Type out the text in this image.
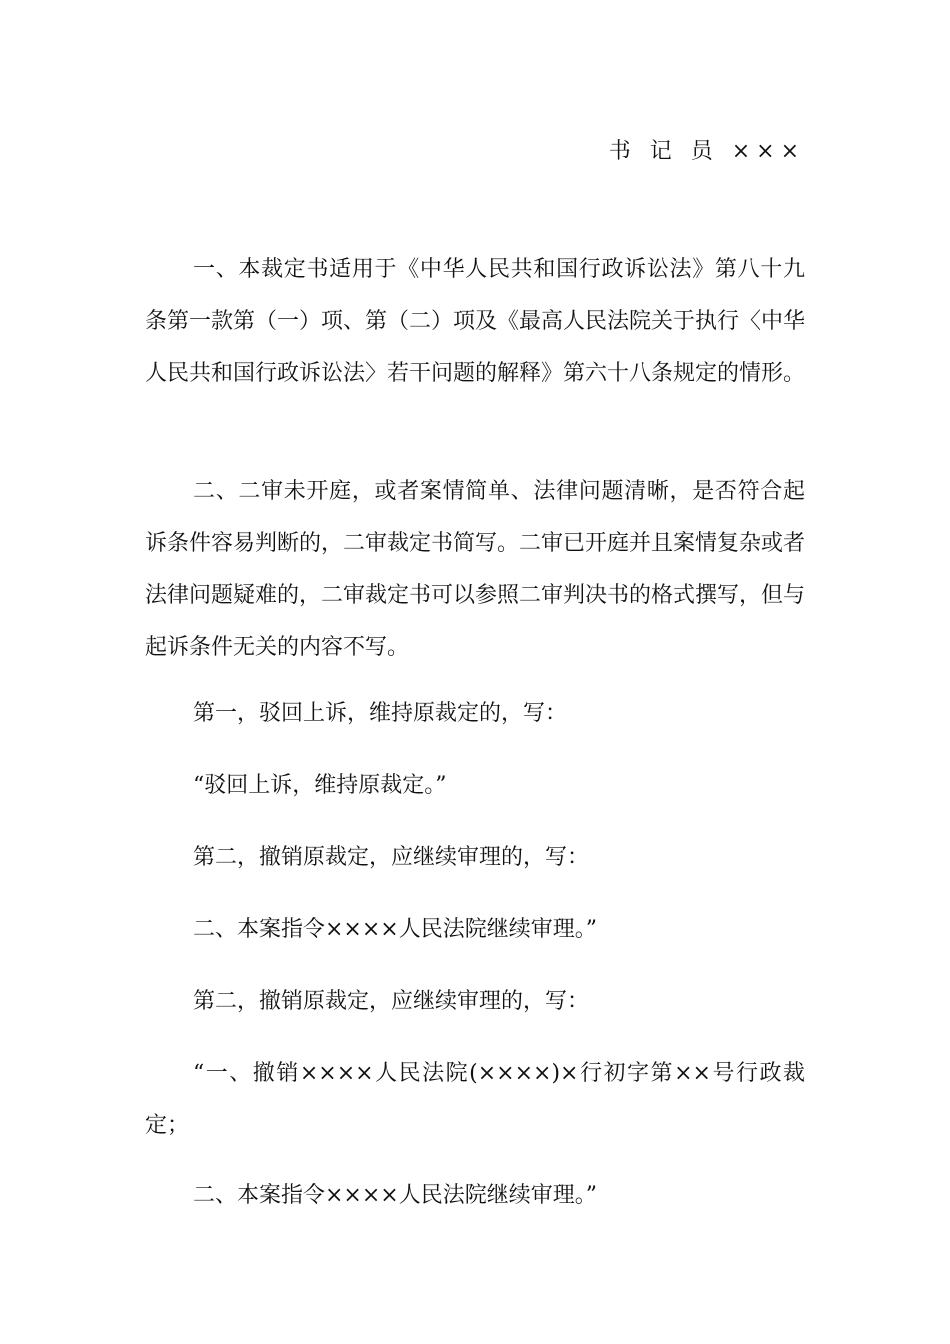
书 记 员 ×××

一、本裁定书适用于《中华人民共和国行政诉讼法》第八十九条第一款第（一）项、第（二）项及《最高人民法院关于执行〈中华人民共和国行政诉讼法〉若干问题的解释》第六十八条规定的情形。

二、二审未开庭，或者案情简单、法律问题清晰，是否符合起诉条件容易判断的，二审裁定书简写。二审已开庭并且案情复杂或者法律问题疑难的，二审裁定书可以参照二审判决书的格式撰写，但与起诉条件无关的内容不写。

第一，驳回上诉，维持原裁定的，写：

“驳回上诉，维持原裁定。”

第二，撤销原裁定，应继续审理的，写：

二、本案指令××××人民法院继续审理。”

第二，撤销原裁定，应继续审理的，写：

“一、撤销××××人民法院(××××)×行初字第××号行政裁定；

二、本案指令××××人民法院继续审理。”
